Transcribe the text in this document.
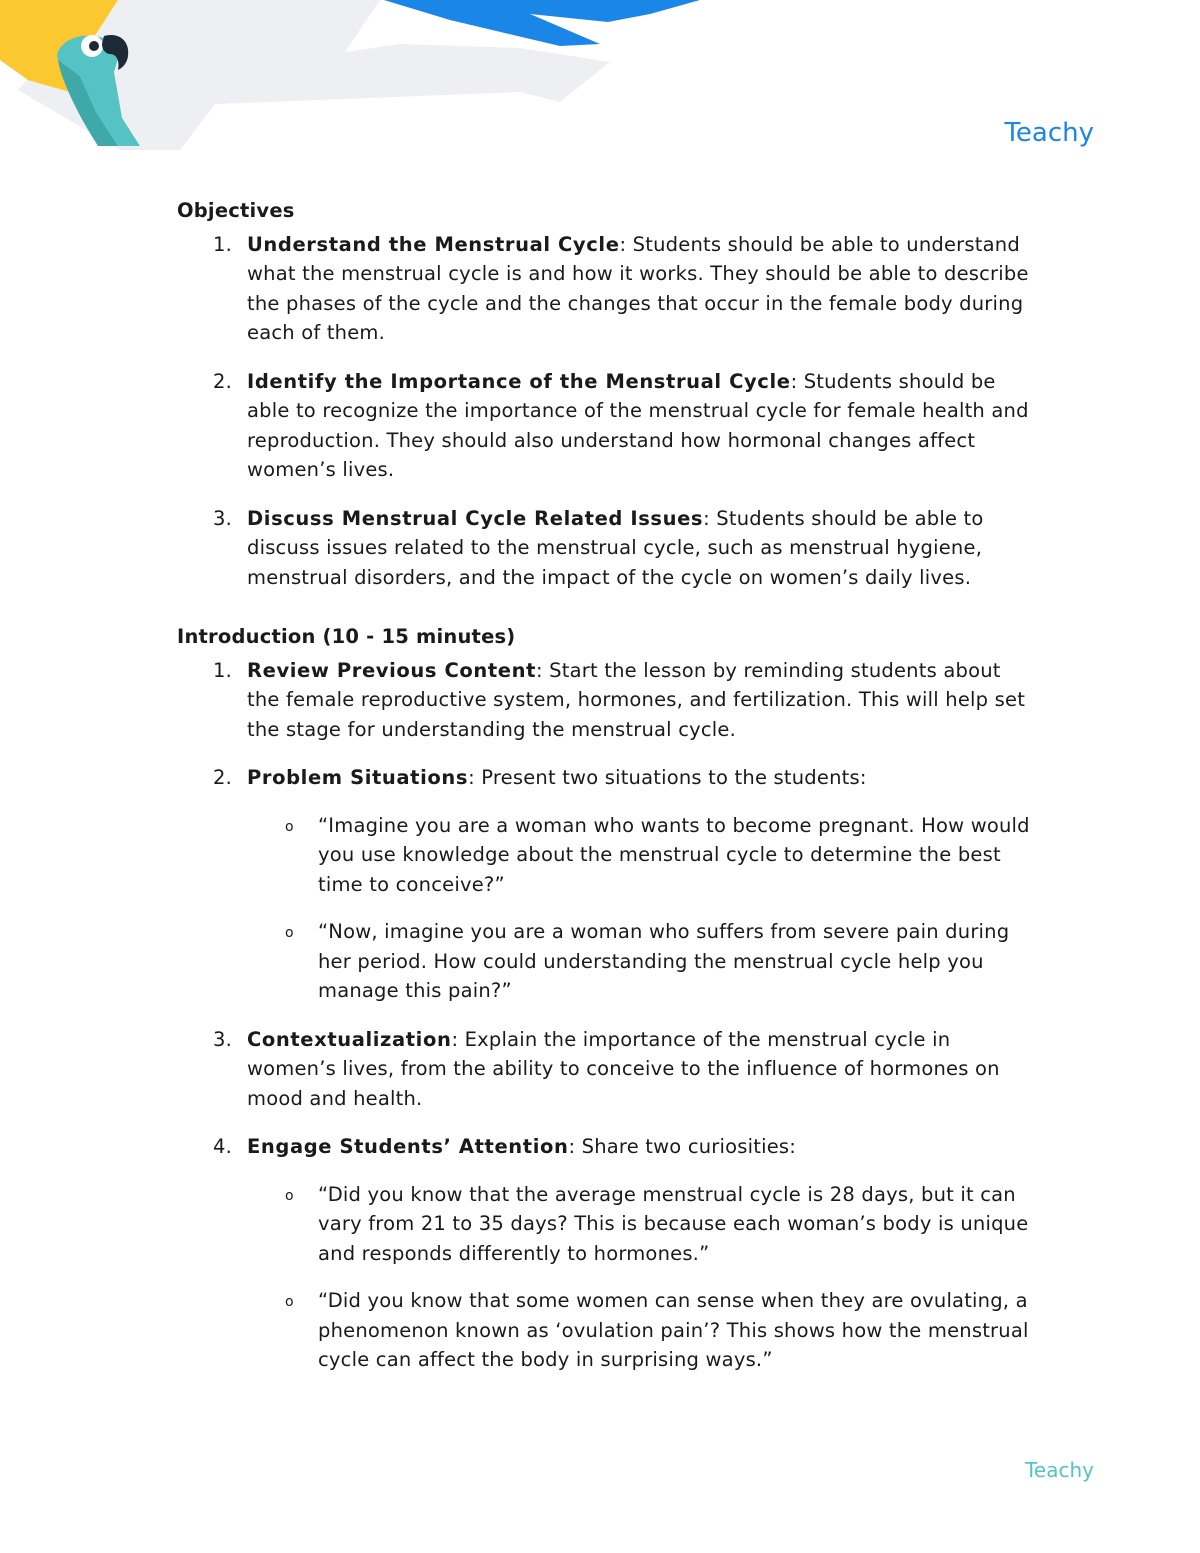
Teachy
Objectives
1. Understand the Menstrual Cycle: Students should be able to understand what the menstrual cycle is and how it works. They should be able to describe the phases of the cycle and the changes that occur in the female body during each of them.
2. Identify the Importance of the Menstrual Cycle: Students should be able to recognize the importance of the menstrual cycle for female health and reproduction. They should also understand how hormonal changes affect women’s lives.
3. Discuss Menstrual Cycle Related Issues: Students should be able to discuss issues related to the menstrual cycle, such as menstrual hygiene, menstrual disorders, and the impact of the cycle on women’s daily lives.
Introduction (10 - 15 minutes)
1. Review Previous Content: Start the lesson by reminding students about the female reproductive system, hormones, and fertilization. This will help set the stage for understanding the menstrual cycle.
2. Problem Situations: Present two situations to the students:
o “Imagine you are a woman who wants to become pregnant. How would you use knowledge about the menstrual cycle to determine the best time to conceive?”
o “Now, imagine you are a woman who suffers from severe pain during her period. How could understanding the menstrual cycle help you manage this pain?”
3. Contextualization: Explain the importance of the menstrual cycle in women’s lives, from the ability to conceive to the influence of hormones on mood and health.
4. Engage Students’ Attention: Share two curiosities:
o “Did you know that the average menstrual cycle is 28 days, but it can vary from 21 to 35 days? This is because each woman’s body is unique and responds differently to hormones.”
o “Did you know that some women can sense when they are ovulating, a phenomenon known as ‘ovulation pain’? This shows how the menstrual cycle can affect the body in surprising ways.”
Teachy
